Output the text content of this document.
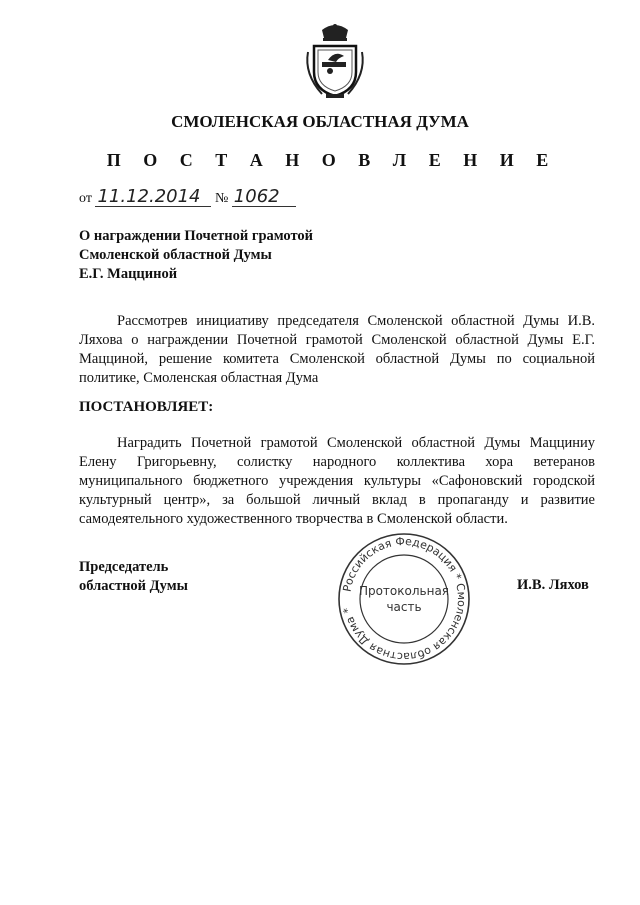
СМОЛЕНСКАЯ ОБЛАСТНАЯ ДУМА
П О С Т А Н О В Л Е Н И Е
от 11.12.2014 № 1062
О награждении Почетной грамотой
Смоленской областной Думы
Е.Г. Мацциной
Рассмотрев инициативу председателя Смоленской областной Думы И.В. Ляхова о награждении Почетной грамотой Смоленской областной Думы Е.Г. Мацциной, решение комитета Смоленской областной Думы по социальной политике, Смоленская областная Дума
ПОСТАНОВЛЯЕТ:
Наградить Почетной грамотой Смоленской областной Думы Мацциниу Елену Григорьевну, солистку народного коллектива хора ветеранов муниципального бюджетного учреждения культуры «Сафоновский городской культурный центр», за большой личный вклад в пропаганду и развитие самодеятельного художественного творчества в Смоленской области.
Председатель
областной Думы	Российская Федерация * Смоленская областная Дума *
Протокольная
часть
И.В. Ляхов
